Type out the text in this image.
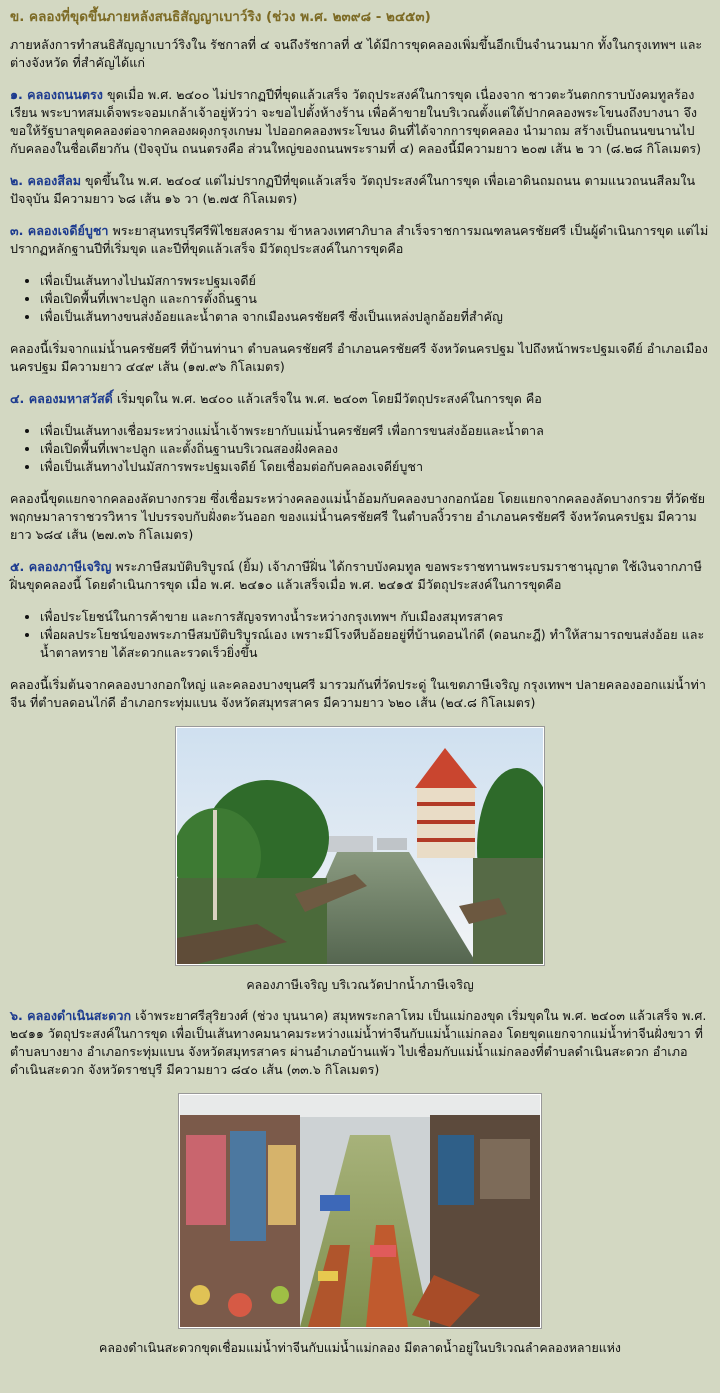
ข. คลองที่ขุดขึ้นภายหลังสนธิสัญญาเบาว์ริง (ช่วง พ.ศ. ๒๓๙๘ - ๒๔๕๓)

ภายหลังการทำสนธิสัญญาเบาว์ริงใน รัชกาลที่ ๔ จนถึงรัชกาลที่ ๕ ได้มีการขุดคลองเพิ่มขึ้นอีกเป็นจำนวนมาก ทั้งในกรุงเทพฯ และต่างจังหวัด ที่สำคัญได้แก่

๑. คลองถนนตรง ขุดเมื่อ พ.ศ. ๒๔๐๐ ไม่ปรากฏปีที่ขุดแล้วเสร็จ วัตถุประสงค์ในการขุด เนื่องจาก ชาวตะวันตกกราบบังคมทูลร้องเรียน พระบาทสมเด็จพระจอมเกล้าเจ้าอยู่หัวว่า จะขอไปตั้งห้างร้าน เพื่อค้าขายในบริเวณตั้งแต่ใต้ปากคลองพระโขนงถึงบางนา จึงขอให้รัฐบาลขุดคลองต่อจากคลองผดุงกรุงเกษม ไปออกคลองพระโขนง ดินที่ได้จากการขุดคลอง นำมาถม สร้างเป็นถนนขนานไปกับคลองในชื่อเดียวกัน (ปัจจุบัน ถนนตรงคือ ส่วนใหญ่ของถนนพระรามที่ ๔) คลองนี้มีความยาว ๒๐๗ เส้น ๒ วา (๘.๒๘ กิโลเมตร)

๒. คลองสีลม ขุดขึ้นใน พ.ศ. ๒๔๐๔ แต่ไม่ปรากฏปีที่ขุดแล้วเสร็จ วัตถุประสงค์ในการขุด เพื่อเอาดินถมถนน ตามแนวถนนสีลมในปัจจุบัน มีความยาว ๖๘ เส้น ๑๖ วา (๒.๗๕ กิโลเมตร)

๓. คลองเจดีย์บูชา พระยาสุนทรบุรีศรีพิไชยสงคราม ข้าหลวงเทศาภิบาล สำเร็จราชการมณฑลนครชัยศรี เป็นผู้ดำเนินการขุด แต่ไม่ปรากฏหลักฐานปีที่เริ่มขุด และปีที่ขุดแล้วเสร็จ มีวัตถุประสงค์ในการขุดคือ

• เพื่อเป็นเส้นทางไปนมัสการพระปฐมเจดีย์
• เพื่อเปิดพื้นที่เพาะปลูก และการตั้งถิ่นฐาน
• เพื่อเป็นเส้นทางขนส่งอ้อยและน้ำตาล จากเมืองนครชัยศรี ซึ่งเป็นแหล่งปลูกอ้อยที่สำคัญ

คลองนี้เริ่มจากแม่น้ำนครชัยศรี ที่บ้านท่านา ตำบลนครชัยศรี อำเภอนครชัยศรี จังหวัดนครปฐม ไปถึงหน้าพระปฐมเจดีย์ อำเภอเมืองนครปฐม มีความยาว ๔๔๙ เส้น (๑๗.๙๖ กิโลเมตร)

๔. คลองมหาสวัสดิ์ เริ่มขุดใน พ.ศ. ๒๔๐๐ แล้วเสร็จใน พ.ศ. ๒๔๐๓ โดยมีวัตถุประสงค์ในการขุด คือ

• เพื่อเป็นเส้นทางเชื่อมระหว่างแม่น้ำเจ้าพระยากับแม่น้ำนครชัยศรี เพื่อการขนส่งอ้อยและน้ำตาล
• เพื่อเปิดพื้นที่เพาะปลูก และตั้งถิ่นฐานบริเวณสองฝั่งคลอง
• เพื่อเป็นเส้นทางไปนมัสการพระปฐมเจดีย์ โดยเชื่อมต่อกับคลองเจดีย์บูชา

คลองนี้ขุดแยกจากคลองลัดบางกรวย ซึ่งเชื่อมระหว่างคลองแม่น้ำอ้อมกับคลองบางกอกน้อย โดยแยกจากคลองลัดบางกรวย ที่วัดชัยพฤกษมาลาราชวรวิหาร ไปบรรจบกับฝั่งตะวันออก ของแม่น้ำนครชัยศรี ในตำบลงิ้วราย อำเภอนครชัยศรี จังหวัดนครปฐม มีความยาว ๖๘๔ เส้น (๒๗.๓๖ กิโลเมตร)

๕. คลองภาษีเจริญ พระภาษีสมบัติบริบูรณ์ (ยิ้ม) เจ้าภาษีฝิ่น ได้กราบบังคมทูล ขอพระราชทานพระบรมราชานุญาต ใช้เงินจากภาษีฝิ่นขุดคลองนี้ โดยดำเนินการขุด เมื่อ พ.ศ. ๒๔๑๐ แล้วเสร็จเมื่อ พ.ศ. ๒๔๑๕ มีวัตถุประสงค์ในการขุดคือ

• เพื่อประโยชน์ในการค้าขาย และการสัญจรทางน้ำระหว่างกรุงเทพฯ กับเมืองสมุทรสาคร
• เพื่อผลประโยชน์ของพระภาษีสมบัติบริบูรณ์เอง เพราะมีโรงหีบอ้อยอยู่ที่บ้านดอนไก่ดี (ดอนกะฎี) ทำให้สามารถขนส่งอ้อย และน้ำตาลทราย ได้สะดวกและรวดเร็วยิ่งขึ้น

คลองนี้เริ่มต้นจากคลองบางกอกใหญ่ และคลองบางขุนศรี มารวมกันที่วัดประดู่ ในเขตภาษีเจริญ กรุงเทพฯ ปลายคลองออกแม่น้ำท่าจีน ที่ตำบลดอนไก่ดี อำเภอกระทุ่มแบน จังหวัดสมุทรสาคร มีความยาว ๖๒๐ เส้น (๒๔.๘ กิโลเมตร)

คลองภาษีเจริญ บริเวณวัดปากน้ำภาษีเจริญ

๖. คลองดำเนินสะดวก เจ้าพระยาศรีสุริยวงศ์ (ช่วง บุนนาค) สมุหพระกลาโหม เป็นแม่กองขุด เริ่มขุดใน พ.ศ. ๒๔๐๓ แล้วเสร็จ พ.ศ. ๒๔๑๑ วัตถุประสงค์ในการขุด เพื่อเป็นเส้นทางคมนาคมระหว่างแม่น้ำท่าจีนกับแม่น้ำแม่กลอง โดยขุดแยกจากแม่น้ำท่าจีนฝั่งขวา ที่ตำบลบางยาง อำเภอกระทุ่มแบน จังหวัดสมุทรสาคร ผ่านอำเภอบ้านแพ้ว ไปเชื่อมกับแม่น้ำแม่กลองที่ตำบลดำเนินสะดวก อำเภอดำเนินสะดวก จังหวัดราชบุรี มีความยาว ๘๔๐ เส้น (๓๓.๖ กิโลเมตร)

คลองดำเนินสะดวกขุดเชื่อมแม่น้ำท่าจีนกับแม่น้ำแม่กลอง มีตลาดน้ำอยู่ในบริเวณลำคลองหลายแห่ง
